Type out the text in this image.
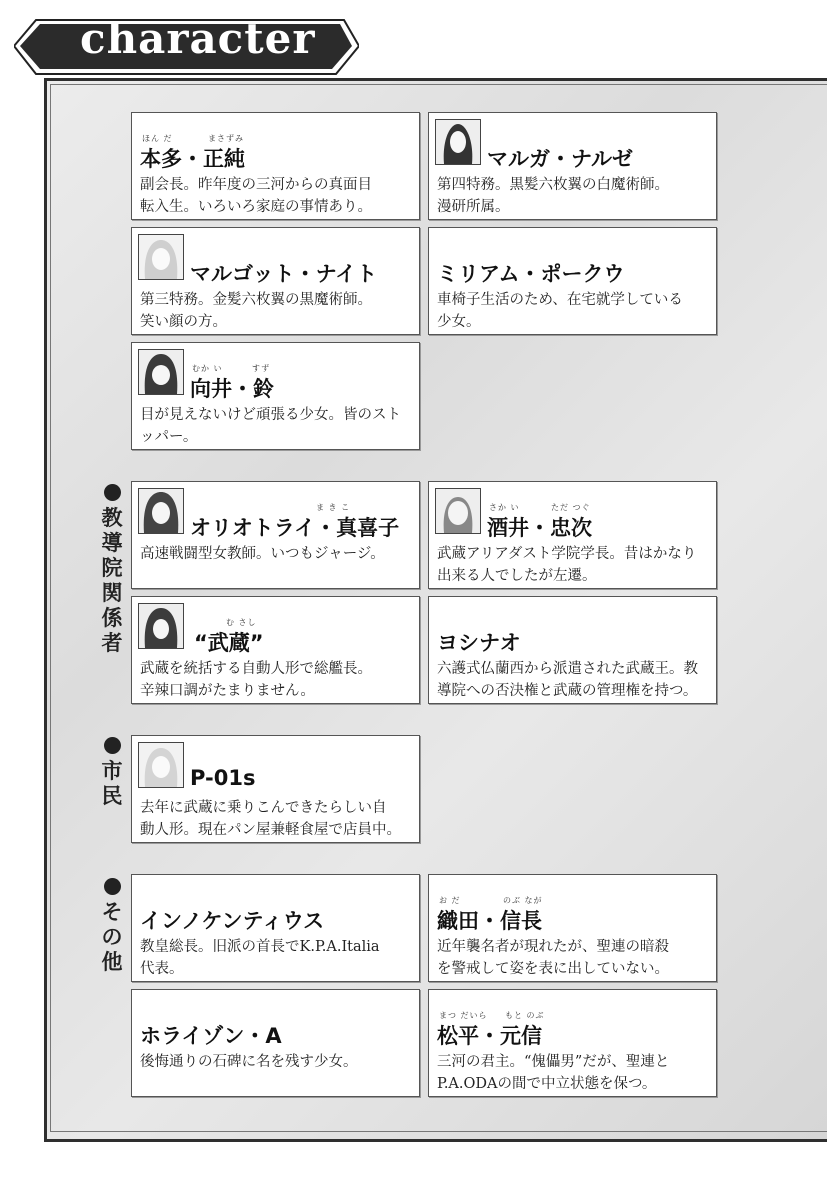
character
教導院関係者
市民
その他
ほん だ	まさずみ
本多・正純
副会長。昨年度の三河からの真面目
転入生。いろいろ家庭の事情あり。
マルガ・ナルゼ
第四特務。黒髪六枚翼の白魔術師。
漫研所属。
マルゴット・ナイト
第三特務。金髪六枚翼の黒魔術師。
笑い顔の方。
ミリアム・ポークウ
車椅子生活のため、在宅就学している
少女。
むか い	すず
向井・鈴
目が見えないけど頑張る少女。皆のスト
ッパー。
ま き こ
オリオトライ・真喜子
高速戦闘型女教師。いつもジャージ。
さか い	ただ つぐ
酒井・忠次
武蔵アリアダスト学院学長。昔はかなり
出来る人でしたが左遷。
む さし
“武蔵”
武蔵を統括する自動人形で総艦長。
辛辣口調がたまりません。
ヨシナオ
六護式仏蘭西から派遣された武蔵王。教
導院への否決権と武蔵の管理権を持つ。
P-01s
去年に武蔵に乗りこんできたらしい自
動人形。現在パン屋兼軽食屋で店員中。
インノケンティウス
教皇総長。旧派の首長でK.P.A.Italia
代表。
お だ	のぶ なが
織田・信長
近年襲名者が現れたが、聖連の暗殺
を警戒して姿を表に出していない。
ホライゾン・A
後悔通りの石碑に名を残す少女。
まつ だいら もと のぶ
松平・元信
三河の君主。“傀儡男”だが、聖連と
P.A.ODAの間で中立状態を保つ。
